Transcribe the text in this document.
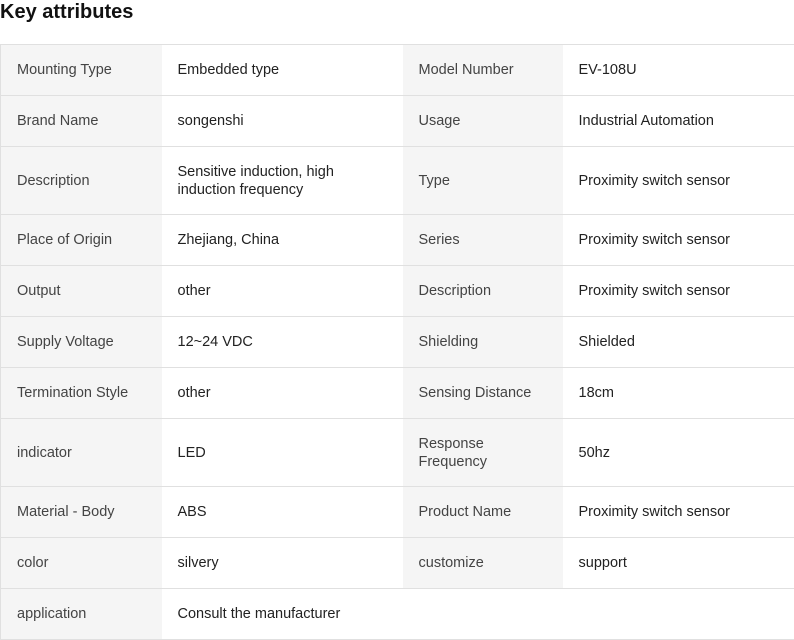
Key attributes
Mounting Type	Embedded type	Model Number	EV-108U
Brand Name	songenshi	Usage	Industrial Automation
Description	Sensitive induction, high induction frequency	Type	Proximity switch sensor
Place of Origin	Zhejiang, China	Series	Proximity switch sensor
Output	other	Description	Proximity switch sensor
Supply Voltage	12~24 VDC	Shielding	Shielded
Termination Style	other	Sensing Distance	18cm
indicator	LED	Response Frequency	50hz
Material - Body	ABS	Product Name	Proximity switch sensor
color	silvery	customize	support
application	Consult the manufacturer		
